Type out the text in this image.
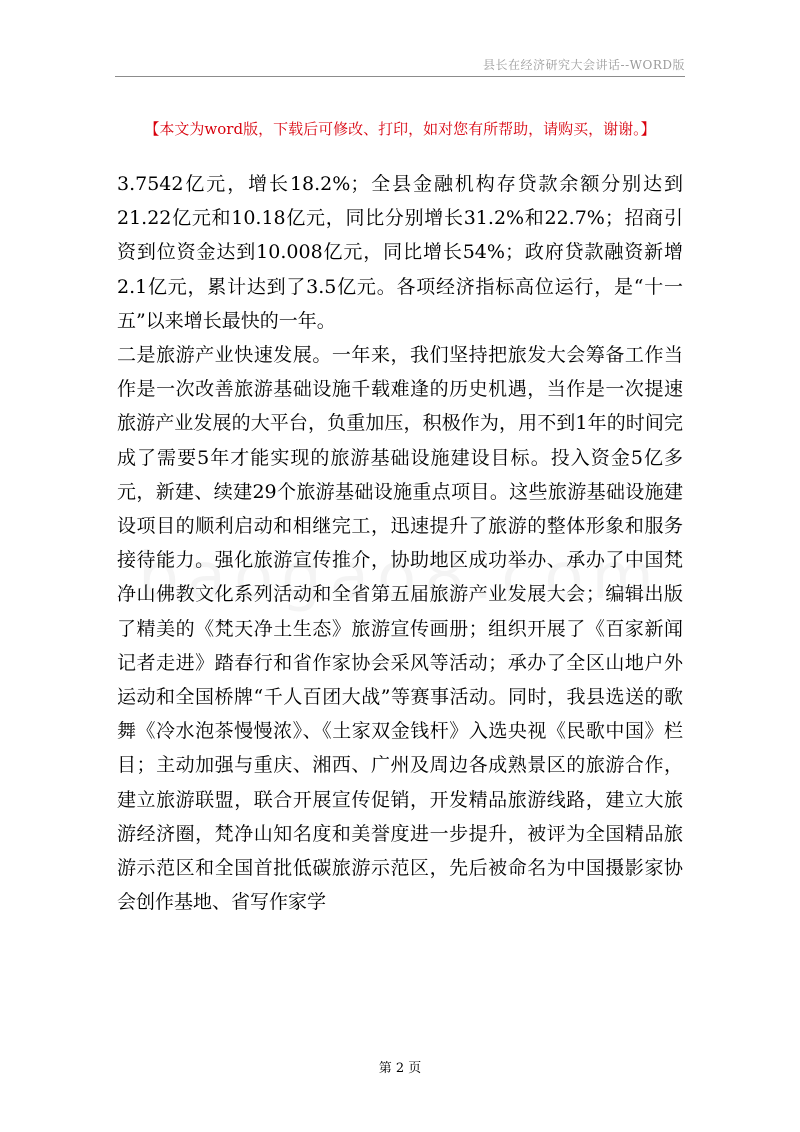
县长在经济研究大会讲话--WORD版
【本文为word版，下载后可修改、打印，如对您有所帮助，请购买，谢谢。】

3.7542亿元，增长18.2%；全县金融机构存贷款余额分别达到21.22亿元和10.18亿元，同比分别增长31.2%和22.7%；招商引资到位资金达到10.008亿元，同比增长54%；政府贷款融资新增2.1亿元，累计达到了3.5亿元。各项经济指标高位运行，是“十一五”以来增长最快的一年。

二是旅游产业快速发展。一年来，我们坚持把旅发大会筹备工作当作是一次改善旅游基础设施千载难逢的历史机遇，当作是一次提速旅游产业发展的大平台，负重加压，积极作为，用不到1年的时间完成了需要5年才能实现的旅游基础设施建设目标。投入资金5亿多元，新建、续建29个旅游基础设施重点项目。这些旅游基础设施建设项目的顺利启动和相继完工，迅速提升了旅游的整体形象和服务接待能力。强化旅游宣传推介，协助地区成功举办、承办了中国梵净山佛教文化系列活动和全省第五届旅游产业发展大会；编辑出版了精美的《梵天净土生态》旅游宣传画册；组织开展了《百家新闻记者走进》踏春行和省作家协会采风等活动；承办了全区山地户外运动和全国桥牌“千人百团大战”等赛事活动。同时，我县选送的歌舞《冷水泡茶慢慢浓》、《土家双金钱杆》入选央视《民歌中国》栏目；主动加强与重庆、湘西、广州及周边各成熟景区的旅游合作，建立旅游联盟，联合开展宣传促销，开发精品旅游线路，建立大旅游经济圈，梵净山知名度和美誉度进一步提升，被评为全国精品旅游示范区和全国首批低碳旅游示范区，先后被命名为中国摄影家协会创作基地、省写作家学

第 2 页
